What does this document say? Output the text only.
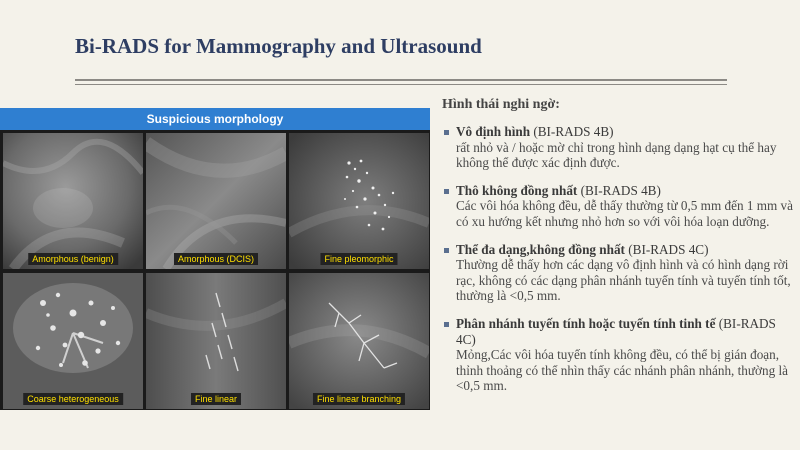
Bi-RADS for Mammography and Ultrasound
Suspicious morphology
Amorphous (benign)	Amorphous (DCIS)	Fine pleomorphic
Coarse heterogeneous	Fine linear	Fine linear branching

Hình thái nghi ngờ:

Vô định hình (BI-RADS 4B)
rất nhỏ và / hoặc mờ chỉ trong hình dạng dạng hạt cụ thể hay không thể được xác định được.
Thô không đồng nhất (BI-RADS 4B)
Các vôi hóa không đều, dễ thấy thường từ 0,5 mm đến 1 mm và có xu hướng kết nhưng nhỏ hơn so với vôi hóa loạn dưỡng.
Thể đa dạng,không đồng nhất (BI-RADS 4C)
Thường dễ thấy hơn các dạng vô định hình và có hình dạng rời rạc, không có các dạng phân nhánh tuyến tính và tuyến tính tốt, thường là <0,5 mm.
Phân nhánh tuyến tính hoặc tuyến tính tinh tế (BI-RADS 4C)
Mỏng,Các vôi hóa tuyến tính không đều, có thể bị gián đoạn, thỉnh thoảng có thể nhìn thấy các nhánh phân nhánh, thường là <0,5 mm.
